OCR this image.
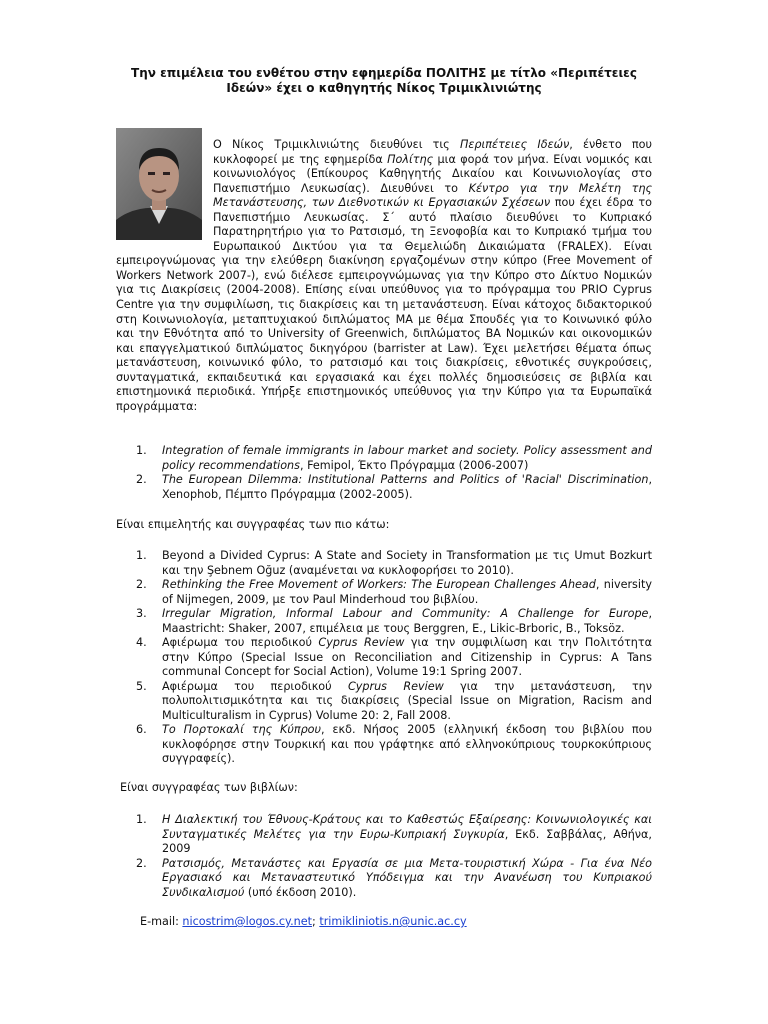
Την επιμέλεια του ενθέτου στην εφημερίδα ΠΟΛΙΤΗΣ με τίτλο «Περιπέτειες
Ιδεών» έχει ο καθηγητής Νίκος Τριμικλινιώτης
Ο Νίκος Τριμικλινιώτης διευθύνει τις Περιπέτειες Ιδεών, ένθετο που κυκλοφορεί με της εφημερίδα Πολίτης μια φορά τον μήνα. Είναι νομικός και κοινωνιολόγος (Επίκουρος Καθηγητής Δικαίου και Κοινωνιολογίας στο Πανεπιστήμιο Λευκωσίας). Διευθύνει το Κέντρο για την Μελέτη της Μετανάστευσης, των Διεθνοτικών κι Εργασιακών Σχέσεων που έχει έδρα το Πανεπιστήμιο Λευκωσίας. Σ΄ αυτό πλαίσιο διευθύνει το Κυπριακό Παρατηρητήριο για το Ρατσισμό, τη Ξενοφοβία και το Κυπριακό τμήμα του Ευρωπαικού Δικτύου για τα Θεμελιώδη Δικαιώματα (FRALEX). Είναι εμπειρογνώμονας για την ελεύθερη διακίνηση εργαζομένων στην κύπρο (Free Movement of Workers Network 2007-), ενώ διέλεσε εμπειρογνώμωνας για την Κύπρο στο Δίκτυο Νομικών για τις Διακρίσεις (2004-2008). Επίσης είναι υπεύθυνος για το πρόγραμμα του PRIO Cyprus Centre για την συμφιλίωση, τις διακρίσεις και τη μετανάστευση. Είναι κάτοχος διδακτορικού στη Κοινωνιολογία, μεταπτυχιακού διπλώματος MA με θέμα Σπουδές για το Κοινωνικό φύλο και την Εθνότητα από το University of Greenwich, διπλώματος BA Νομικών και οικονομικών και επαγγελματικού διπλώματος δικηγόρου (barrister at Law). Έχει μελετήσει θέματα όπως μετανάστευση, κοινωνικό φύλο, το ρατσισμό και τοις διακρίσεις, εθνοτικές συγκρούσεις, συνταγματικά, εκπαιδευτικά και εργασιακά και έχει πολλές δημοσιεύσεις σε βιβλία και επιστημονικά περιοδικά. Υπήρξε επιστημονικός υπεύθυνος για την Κύπρο για τα Ευρωπαϊκά προγράμματα:
1. Integration of female immigrants in labour market and society. Policy assessment and policy recommendations, Femipol, Έκτο Πρόγραμμα (2006-2007)
2. The European Dilemma: Institutional Patterns and Politics of 'Racial' Discrimination, Xenophob, Πέμπτο Πρόγραμμα (2002-2005).
Είναι επιμελητής και συγγραφέας των πιο κάτω:
1. Beyond a Divided Cyprus: A State and Society in Transformation με τις Umut Bozkurt και την Şebnem Oğuz (αναμένεται να κυκλοφορήσει το 2010).
2. Rethinking the Free Movement of Workers: The European Challenges Ahead, niversity of Nijmegen, 2009, με τον Paul Minderhoud του βιβλίου.
3. Irregular Migration, Informal Labour and Community: A Challenge for Europe, Maastricht: Shaker, 2007, επιμέλεια με τους Berggren, E., Likic-Brboric, B., Toksöz.
4. Αφιέρωμα του περιοδικού Cyprus Review για την συμφιλίωση και την Πολιτότητα στην Κύπρο (Special Issue on Reconciliation and Citizenship in Cyprus: A Tans communal Concept for Social Action), Volume 19:1 Spring 2007.
5. Αφιέρωμα του περιοδικού Cyprus Review για την μετανάστευση, την πολυπολιτισμικότητα και τις διακρίσεις (Special Issue on Migration, Racism and Multiculturalism in Cyprus) Volume 20: 2, Fall 2008.
6. Το Πορτοκαλί της Κύπρου, εκδ. Νήσος 2005 (ελληνική έκδοση του βιβλίου που κυκλοφόρησε στην Τουρκική και που γράφτηκε από ελληνοκύπριους τουρκοκύπριους συγγραφείς).
Είναι συγγραφέας των βιβλίων:
1. Η Διαλεκτική του Έθνους-Κράτους και το Καθεστώς Εξαίρεσης: Κοινωνιολογικές και Συνταγματικές Μελέτες για την Ευρω-Κυπριακή Συγκυρία, Εκδ. Σαββάλας, Αθήνα, 2009
2. Ρατσισμός, Μετανάστες και Εργασία σε μια Μετα-τουριστική Χώρα - Για ένα Νέο Εργασιακό και Μεταναστευτικό Υπόδειγμα και την Ανανέωση του Κυπριακού Συνδικαλισμού (υπό έκδοση 2010).
E-mail: nicostrim@logos.cy.net; trimikliniotis.n@unic.ac.cy
